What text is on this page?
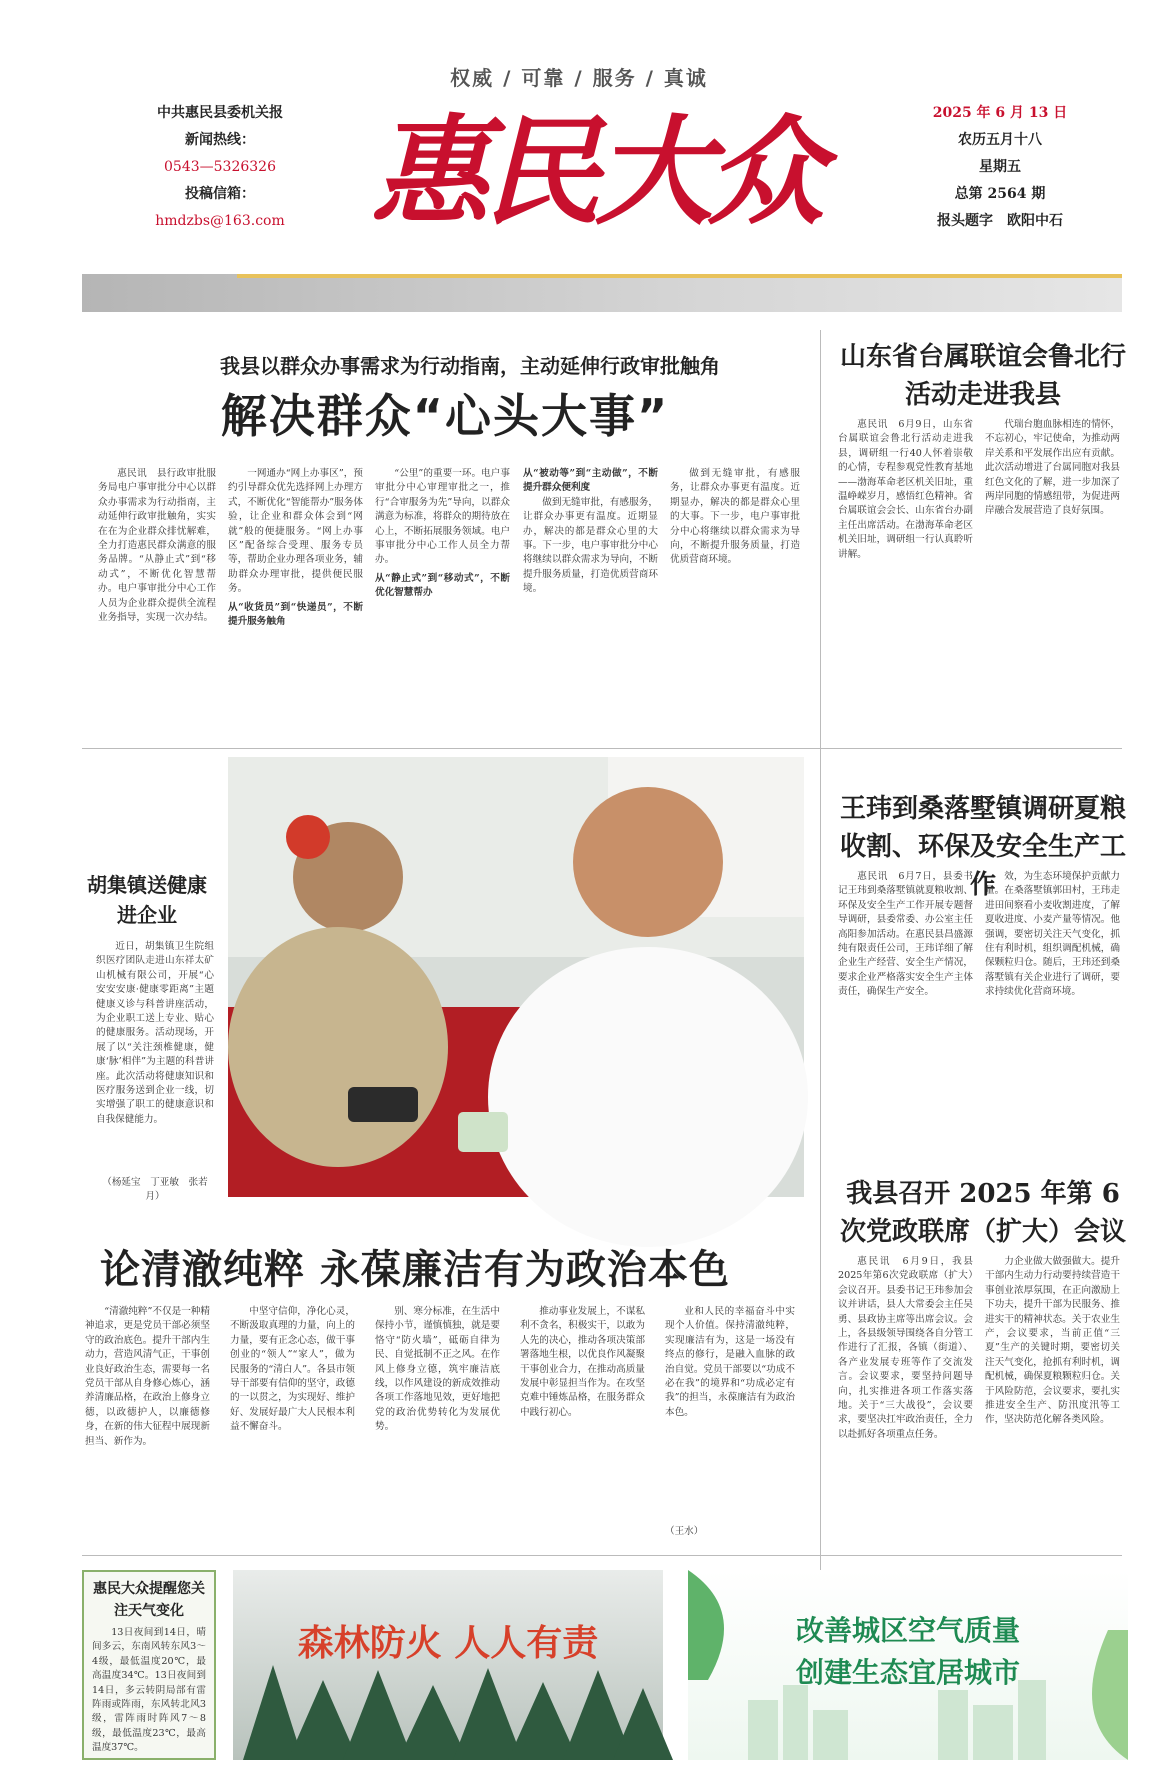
权威 / 可靠 / 服务 / 真诚
中共惠民县委机关报
新闻热线：
0543—5326326
投稿信箱：
hmdzbs@163.com 惠民大众	2025 年 6 月 13 日
农历五月十八
星期五
总第 2564 期
报头题字　欧阳中石
我县以群众办事需求为行动指南，主动延伸行政审批触角
解决群众“心头大事”

惠民讯　县行政审批服务局电户事审批分中心以群众办事需求为行动指南，主动延伸行政审批触角，实实在在为企业群众排忧解难，全力打造惠民群众满意的服务品牌。“从静止式”到“移动式”，不断优化智慧帮办。电户事审批分中心工作人员为企业群众提供全流程业务指导，实现一次办结。

一网通办“网上办事区”，预约引导群众优先选择网上办理方式，不断优化“智能帮办”服务体验，让企业和群众体会到“网就”般的便捷服务。“网上办事区”配备综合受理、服务专员等，帮助企业办理各项业务，辅助群众办理审批，提供便民服务。

从“收货员”到“快递员”，不断提升服务触角

“公里”的重要一环。电户事审批分中心审理审批之一，推行“合审服务为先”导向，以群众满意为标准，将群众的期待放在心上，不断拓展服务领域。电户事审批分中心工作人员全力帮办。

从“静止式”到“移动式”，不断优化智慧帮办

从“被动等”到“主动做”，不断提升群众便利度

做到无缝审批，有感服务，让群众办事更有温度。近期显办，解决的都是群众心里的大事。下一步，电户事审批分中心将继续以群众需求为导向，不断提升服务质量，打造优质营商环境。

做到无缝审批，有感服务，让群众办事更有温度。近期显办，解决的都是群众心里的大事。下一步，电户事审批分中心将继续以群众需求为导向，不断提升服务质量，打造优质营商环境。

山东省台属联谊会鲁北行活动走进我县

惠民讯　6月9日，山东省台属联谊会鲁北行活动走进我县，调研组一行40人怀着崇敬的心情，专程参观党性教育基地——渤海革命老区机关旧址，重温峥嵘岁月，感悟红色精神。省台属联谊会会长、山东省台办副主任出席活动。在渤海革命老区机关旧址，调研组一行认真聆听讲解。

代瑞台胞血脉相连的情怀，不忘初心，牢记使命，为推动两岸关系和平发展作出应有贡献。此次活动增进了台属同胞对我县红色文化的了解，进一步加深了两岸同胞的情感纽带，为促进两岸融合发展营造了良好氛围。

胡集镇送健康进企业

近日，胡集镇卫生院组织医疗团队走进山东祥太矿山机械有限公司，开展“心安安安康·健康零距离”主题健康义诊与科普讲座活动，为企业职工送上专业、贴心的健康服务。活动现场，开展了以“关注颈椎健康，健康‘脉’相伴”为主题的科普讲座。此次活动将健康知识和医疗服务送到企业一线，切实增强了职工的健康意识和自我保健能力。

（杨延宝　丁亚敏　张若月）
王玮到桑落墅镇调研夏粮收割、环保及安全生产工作

惠民讯　6月7日，县委书记王玮到桑落墅镇就夏粮收割、环保及安全生产工作开展专题督导调研，县委常委、办公室主任高阳参加活动。在惠民县昌盛源纯有限责任公司，王玮详细了解企业生产经营、安全生产情况，要求企业严格落实安全生产主体责任，确保生产安全。

效，为生态环境保护贡献力量。在桑落墅镇郭田村，王玮走进田间察看小麦收割进度，了解夏收进度、小麦产量等情况。他强调，要密切关注天气变化，抓住有利时机，组织调配机械，确保颗粒归仓。随后，王玮还到桑落墅镇有关企业进行了调研，要求持续优化营商环境。

我县召开 2025 年第 6 次党政联席（扩大）会议

惠民讯　6月9日，我县2025年第6次党政联席（扩大）会议召开。县委书记王玮参加会议并讲话，县人大常委会主任吴勇、县政协主席等出席会议。会上，各县级领导围绕各自分管工作进行了汇报，各镇（街道）、各产业发展专班等作了交流发言。会议要求，要坚持问题导向，扎实推进各项工作落实落地。关于“三大战役”，会议要求，要坚决扛牢政治责任，全力以赴抓好各项重点任务。

力企业做大做强做大。提升干部内生动力行动要持续营造干事创业浓厚氛围，在正向激励上下功夫，提升干部为民服务、推进实干的精神状态。关于农业生产，会议要求，当前正值“三夏”生产的关键时期，要密切关注天气变化，抢抓有利时机，调配机械，确保夏粮颗粒归仓。关于风险防范，会议要求，要扎实推进安全生产、防汛度汛等工作，坚决防范化解各类风险。

论清澈纯粹 永葆廉洁有为政治本色

“清澈纯粹”不仅是一种精神追求，更是党员干部必须坚守的政治底色。提升干部内生动力，营造风清气正，干事创业良好政治生态，需要每一名党员干部从自身修心炼心，涵养清廉品格，在政治上修身立德，以政德护人，以廉德修身，在新的伟大征程中展现新担当、新作为。

中坚守信仰，净化心灵，不断汲取真理的力量，向上的力量，要有正念心态，做干事创业的“领人”“家人”，做为民服务的“清白人”。各县市领导干部要有信仰的坚守，政德的一以贯之，为实现好、维护好、发展好最广大人民根本利益不懈奋斗。

别、寒分标准，在生活中保持小节，谨慎慎独，就是要恪守“防火墙”，砥砺自律为民、自觉抵制不正之风。在作风上修身立德，筑牢廉洁底线，以作风建设的新成效推动各项工作落地见效，更好地把党的政治优势转化为发展优势。

推动事业发展上，不谋私利不贪名，积极实干，以敢为人先的决心，推动各项决策部署落地生根，以优良作风凝聚干事创业合力，在推动高质量发展中彰显担当作为。在攻坚克难中锤炼品格，在服务群众中践行初心。

业和人民的幸福奋斗中实现个人价值。保持清澈纯粹，实现廉洁有为，这是一场没有终点的修行，是融入血脉的政治自觉。党员干部要以“功成不必在我”的境界和“功成必定有我”的担当，永葆廉洁有为政治本色。

（王水）
惠民大众提醒您关注天气变化

13日夜间到14日，晴间多云，东南风转东风3～4级，最低温度20℃，最高温度34℃。13日夜间到14日，多云转阴局部有雷阵雨或阵雨，东风转北风3级，雷阵雨时阵风7～8级，最低温度23℃，最高温度37℃。

森林防火 人人有责	改善城区空气质量
创建生态宜居城市
